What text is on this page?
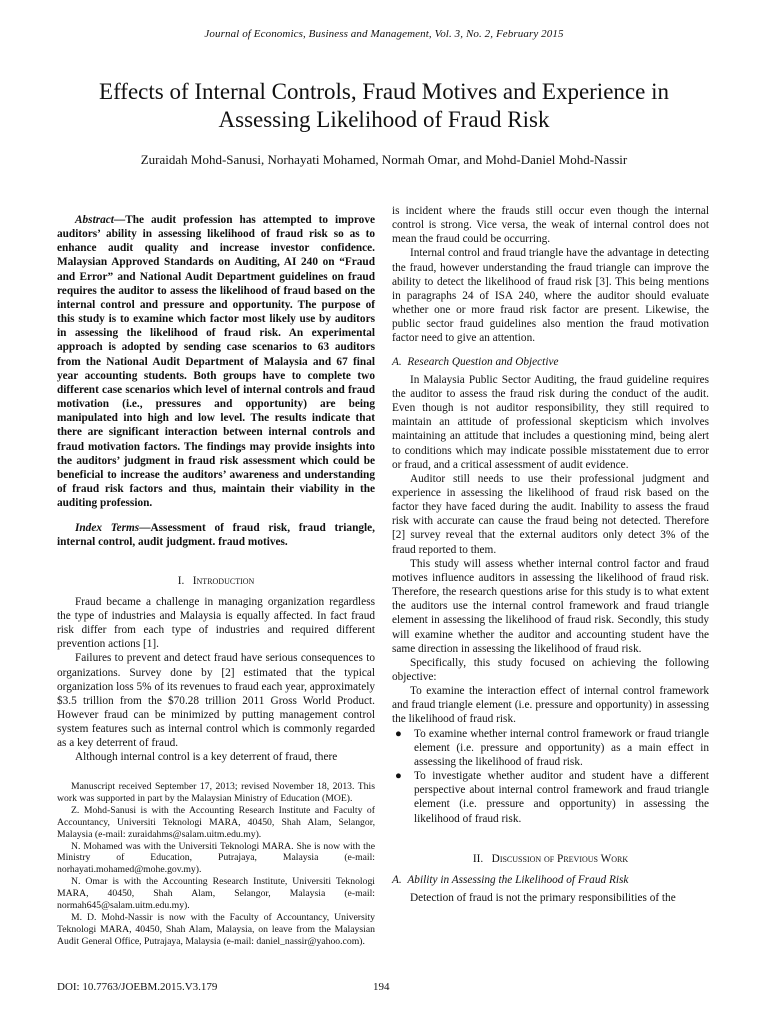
Journal of Economics, Business and Management, Vol. 3, No. 2, February 2015
Effects of Internal Controls, Fraud Motives and Experience in Assessing Likelihood of Fraud Risk
Zuraidah Mohd-Sanusi, Norhayati Mohamed, Normah Omar, and Mohd-Daniel Mohd-Nassir

Abstract—The audit profession has attempted to improve auditors’ ability in assessing likelihood of fraud risk so as to enhance audit quality and increase investor confidence. Malaysian Approved Standards on Auditing, AI 240 on “Fraud and Error” and National Audit Department guidelines on fraud requires the auditor to assess the likelihood of fraud based on the internal control and pressure and opportunity. The purpose of this study is to examine which factor most likely use by auditors in assessing the likelihood of fraud risk. An experimental approach is adopted by sending case scenarios to 63 auditors from the National Audit Department of Malaysia and 67 final year accounting students. Both groups have to complete two different case scenarios which level of internal controls and fraud motivation (i.e., pressures and opportunity) are being manipulated into high and low level. The results indicate that there are significant interaction between internal controls and fraud motivation factors. The findings may provide insights into the auditors’ judgment in fraud risk assessment which could be beneficial to increase the auditors’ awareness and understanding of fraud risk factors and thus, maintain their viability in the auditing profession.

Index Terms—Assessment of fraud risk, fraud triangle, internal control, audit judgment. fraud motives.

I. Introduction

Fraud became a challenge in managing organization regardless the type of industries and Malaysia is equally affected. In fact fraud risk differ from each type of industries and required different prevention actions [1].

Failures to prevent and detect fraud have serious consequences to organizations. Survey done by [2] estimated that the typical organization loss 5% of its revenues to fraud each year, approximately $3.5 trillion from the $70.28 trillion 2011 Gross World Product. However fraud can be minimized by putting management control system features such as internal control which is commonly regarded as a key deterrent of fraud.

Although internal control is a key deterrent of fraud, there

Manuscript received September 17, 2013; revised November 18, 2013. This work was supported in part by the Malaysian Ministry of Education (MOE).

Z. Mohd-Sanusi is with the Accounting Research Institute and Faculty of Accountancy, Universiti Teknologi MARA, 40450, Shah Alam, Selangor, Malaysia (e-mail: zuraidahms@salam.uitm.edu.my).

N. Mohamed was with the Universiti Teknologi MARA. She is now with the Ministry of Education, Putrajaya, Malaysia (e-mail: norhayati.mohamed@mohe.gov.my).

N. Omar is with the Accounting Research Institute, Universiti Teknologi MARA, 40450, Shah Alam, Selangor, Malaysia (e-mail: normah645@salam.uitm.edu.my).

M. D. Mohd-Nassir is now with the Faculty of Accountancy, University Teknologi MARA, 40450, Shah Alam, Malaysia, on leave from the Malaysian Audit General Office, Putrajaya, Malaysia (e-mail: daniel_nassir@yahoo.com).

is incident where the frauds still occur even though the internal control is strong. Vice versa, the weak of internal control does not mean the fraud could be occurring.

Internal control and fraud triangle have the advantage in detecting the fraud, however understanding the fraud triangle can improve the ability to detect the likelihood of fraud risk [3]. This being mentions in paragraphs 24 of ISA 240, where the auditor should evaluate whether one or more fraud risk factor are present. Likewise, the public sector fraud guidelines also mention the fraud motivation factor need to give an attention.

A. Research Question and Objective

In Malaysia Public Sector Auditing, the fraud guideline requires the auditor to assess the fraud risk during the conduct of the audit. Even though is not auditor responsibility, they still required to maintain an attitude of professional skepticism which involves maintaining an attitude that includes a questioning mind, being alert to conditions which may indicate possible misstatement due to error or fraud, and a critical assessment of audit evidence.

Auditor still needs to use their professional judgment and experience in assessing the likelihood of fraud risk based on the factor they have faced during the audit. Inability to assess the fraud risk with accurate can cause the fraud being not detected. Therefore [2] survey reveal that the external auditors only detect 3% of the fraud reported to them.

This study will assess whether internal control factor and fraud motives influence auditors in assessing the likelihood of fraud risk. Therefore, the research questions arise for this study is to what extent the auditors use the internal control framework and fraud triangle element in assessing the likelihood of fraud risk. Secondly, this study will examine whether the auditor and accounting student have the same direction in assessing the likelihood of fraud risk.

Specifically, this study focused on achieving the following objective:

To examine the interaction effect of internal control framework and fraud triangle element (i.e. pressure and opportunity) in assessing the likelihood of fraud risk.

●	To examine whether internal control framework or fraud triangle element (i.e. pressure and opportunity) as a main effect in assessing the likelihood of fraud risk.
●	To investigate whether auditor and student have a different perspective about internal control framework and fraud triangle element (i.e. pressure and opportunity) in assessing the likelihood of fraud risk.
II. Discussion of Previous Work
A. Ability in Assessing the Likelihood of Fraud Risk

Detection of fraud is not the primary responsibilities of the

DOI: 10.7763/JOEBM.2015.V3.179	194
